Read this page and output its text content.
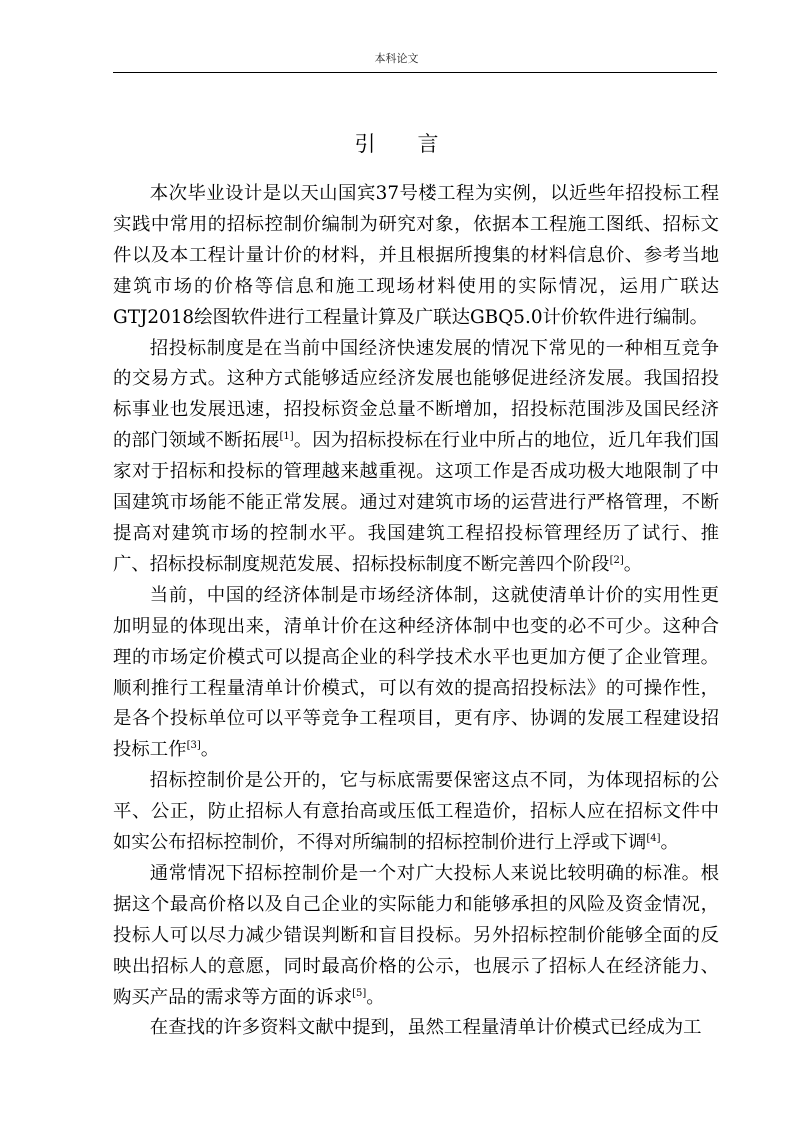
本科论文
引言

本次毕业设计是以天山国宾37号楼工程为实例，以近些年招投标工程实践中常用的招标控制价编制为研究对象，依据本工程施工图纸、招标文件以及本工程计量计价的材料，并且根据所搜集的材料信息价、参考当地建筑市场的价格等信息和施工现场材料使用的实际情况，运用广联达GTJ2018绘图软件进行工程量计算及广联达GBQ5.0计价软件进行编制。

招投标制度是在当前中国经济快速发展的情况下常见的一种相互竞争的交易方式。这种方式能够适应经济发展也能够促进经济发展。我国招投标事业也发展迅速，招投标资金总量不断增加，招投标范围涉及国民经济的部门领域不断拓展[1]。因为招标投标在行业中所占的地位，近几年我们国家对于招标和投标的管理越来越重视。这项工作是否成功极大地限制了中国建筑市场能不能正常发展。通过对建筑市场的运营进行严格管理，不断提高对建筑市场的控制水平。我国建筑工程招投标管理经历了试行、推广、招标投标制度规范发展、招标投标制度不断完善四个阶段[2]。

当前，中国的经济体制是市场经济体制，这就使清单计价的实用性更加明显的体现出来，清单计价在这种经济体制中也变的必不可少。这种合理的市场定价模式可以提高企业的科学技术水平也更加方便了企业管理。顺利推行工程量清单计价模式，可以有效的提高招投标法》的可操作性，是各个投标单位可以平等竞争工程项目，更有序、协调的发展工程建设招投标工作[3]。

招标控制价是公开的，它与标底需要保密这点不同，为体现招标的公平、公正，防止招标人有意抬高或压低工程造价，招标人应在招标文件中如实公布招标控制价，不得对所编制的招标控制价进行上浮或下调[4]。

通常情况下招标控制价是一个对广大投标人来说比较明确的标准。根据这个最高价格以及自己企业的实际能力和能够承担的风险及资金情况，投标人可以尽力减少错误判断和盲目投标。另外招标控制价能够全面的反映出招标人的意愿，同时最高价格的公示，也展示了招标人在经济能力、购买产品的需求等方面的诉求[5]。

在查找的许多资料文献中提到，虽然工程量清单计价模式已经成为工
